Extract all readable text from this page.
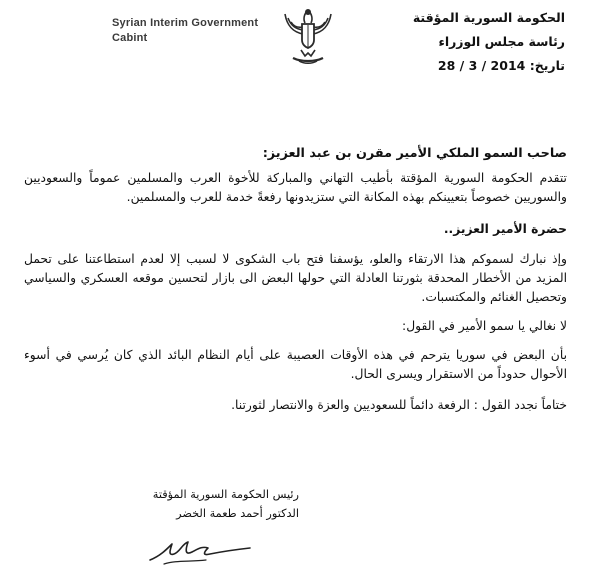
Syrian Interim Government
Cabint
الحكومة السورية المؤقتة
رئاسة مجلس الوزراء
تاريخ: 2014 / 3 / 28

صاحب السمو الملكي الأمير مقرن بن عبد العزيز:

تتقدم الحكومة السورية المؤقتة بأطيب التهاني والمباركة للأخوة العرب والمسلمين عموماً والسعوديين والسوريين خصوصاً بتعيينكم بهذه المكانة التي ستزيدونها رفعةً خدمة للعرب والمسلمين.

حضرة الأمير العزيز..

وإذ نبارك لسموكم هذا الارتقاء والعلو، يؤسفنا فتح باب الشكوى لا لسبب إلا لعدم استطاعتنا على تحمل المزيد من الأخطار المحدقة بثورتنا العادلة التي حولها البعض الى بازار لتحسين موقعه العسكري والسياسي وتحصيل الغنائم والمكتسبات.

لا نغالي يا سمو الأمير في القول:

بأن البعض في سوريا يترحم في هذه الأوقات العصيبة على أيام النظام البائد الذي كان يُرسي في أسوء الأحوال حدوداً من الاستقرار ويسرى الحال.

ختاماً نجدد القول : الرفعة دائماً للسعوديين والعزة والانتصار لثورتنا.

رئيس الحكومة السورية المؤقتة
الدكتور أحمد طعمة الخضر
